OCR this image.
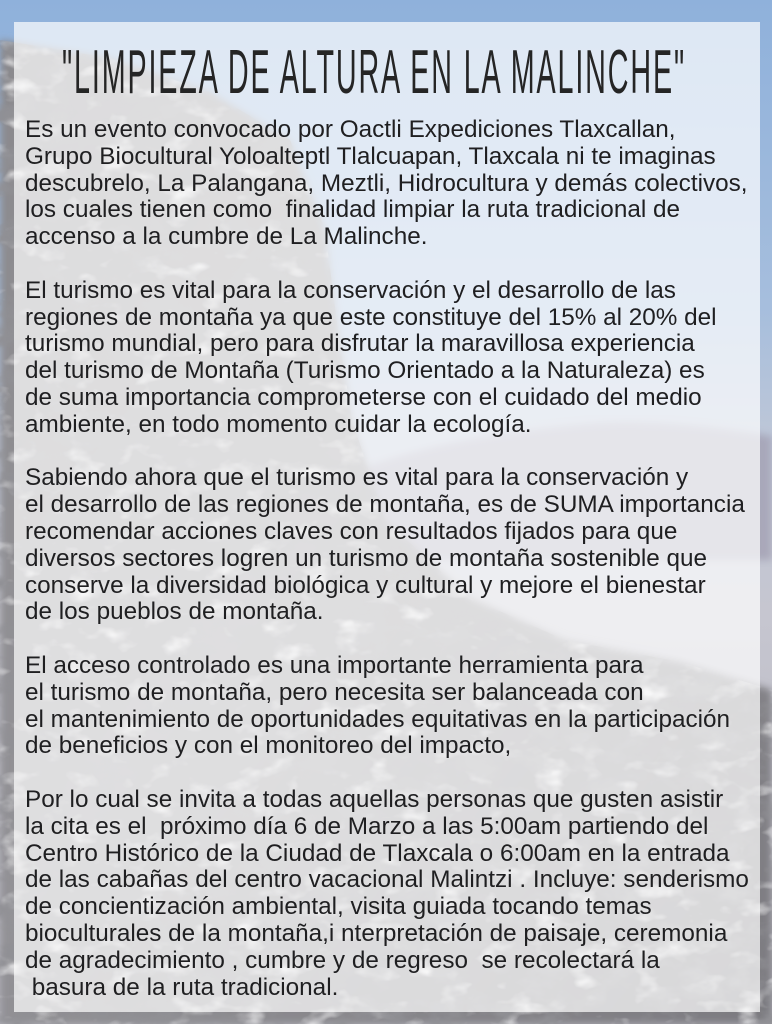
"LIMPIEZA DE ALTURA EN LA MALINCHE"
Es un evento convocado por Oactli Expediciones Tlaxcallan,
Grupo Biocultural Yoloalteptl Tlalcuapan, Tlaxcala ni te imaginas
descubrelo, La Palangana, Meztli, Hidrocultura y demás colectivos,
los cuales tienen como  finalidad limpiar la ruta tradicional de
accenso a la cumbre de La Malinche.
El turismo es vital para la conservación y el desarrollo de las
regiones de montaña ya que este constituye del 15% al 20% del
turismo mundial, pero para disfrutar la maravillosa experiencia
del turismo de Montaña (Turismo Orientado a la Naturaleza) es
de suma importancia comprometerse con el cuidado del medio
ambiente, en todo momento cuidar la ecología.
Sabiendo ahora que el turismo es vital para la conservación y
el desarrollo de las regiones de montaña, es de SUMA importancia
recomendar acciones claves con resultados fijados para que
diversos sectores logren un turismo de montaña sostenible que
conserve la diversidad biológica y cultural y mejore el bienestar
de los pueblos de montaña.
El acceso controlado es una importante herramienta para
el turismo de montaña, pero necesita ser balanceada con
el mantenimiento de oportunidades equitativas en la participación
de beneficios y con el monitoreo del impacto,
Por lo cual se invita a todas aquellas personas que gusten asistir
la cita es el  próximo día 6 de Marzo a las 5:00am partiendo del
Centro Histórico de la Ciudad de Tlaxcala o 6:00am en la entrada
de las cabañas del centro vacacional Malintzi . Incluye: senderismo
de concientización ambiental, visita guiada tocando temas
bioculturales de la montaña,i nterpretación de paisaje, ceremonia
de agradecimiento , cumbre y de regreso  se recolectará la
basura de la ruta tradicional.
